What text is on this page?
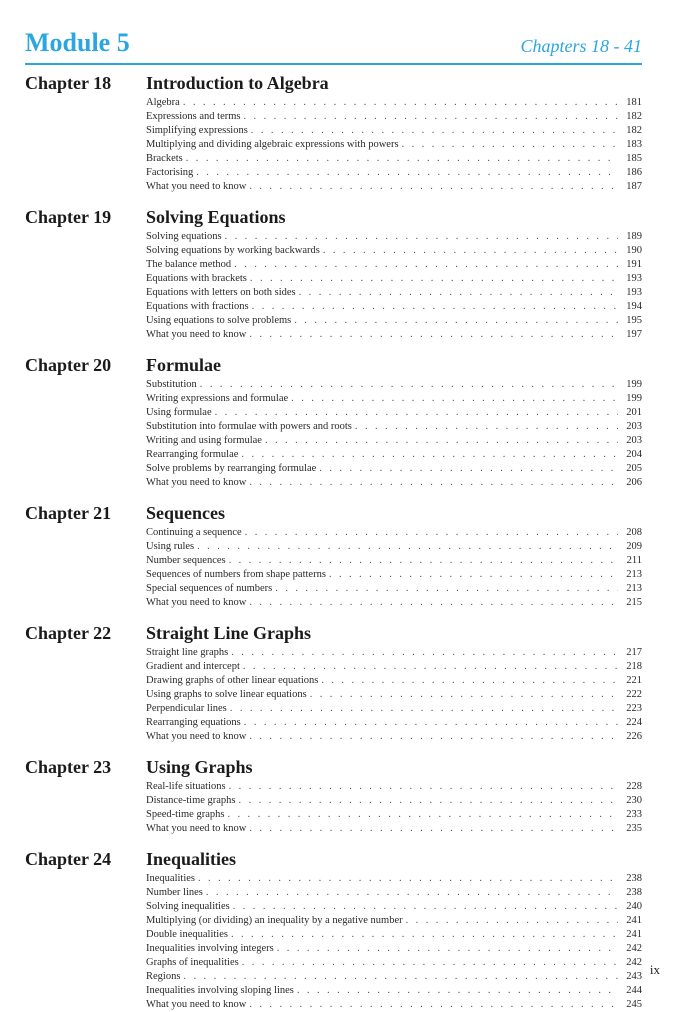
Module 5	Chapters 18 - 41
Chapter 18 Introduction to Algebra
Algebra . . .	181
Expressions and terms . . .	182
Simplifying expressions . . .	182
Multiplying and dividing algebraic expressions with powers . . .	183
Brackets . . .	185
Factorising . . .	186
What you need to know . . .	187
Chapter 19 Solving Equations
Solving equations . . .	189
Solving equations by working backwards . . .	190
The balance method . . .	191
Equations with brackets . . .	193
Equations with letters on both sides . . .	193
Equations with fractions . . .	194
Using equations to solve problems . . .	195
What you need to know . . .	197
Chapter 20 Formulae
Substitution . . .	199
Writing expressions and formulae . . .	199
Using formulae . . .	201
Substitution into formulae with powers and roots . . .	203
Writing and using formulae . . .	203
Rearranging formulae . . .	204
Solve problems by rearranging formulae . . .	205
What you need to know . . .	206
Chapter 21 Sequences
Continuing a sequence . . .	208
Using rules . . .	209
Number sequences . . .	211
Sequences of numbers from shape patterns . . .	213
Special sequences of numbers . . .	213
What you need to know . . .	215
Chapter 22 Straight Line Graphs
Straight line graphs . . .	217
Gradient and intercept . . .	218
Drawing graphs of other linear equations . . .	221
Using graphs to solve linear equations . . .	222
Perpendicular lines . . .	223
Rearranging equations . . .	224
What you need to know . . .	226
Chapter 23 Using Graphs
Real-life situations . . .	228
Distance-time graphs . . .	230
Speed-time graphs . . .	233
What you need to know . . .	235
Chapter 24 Inequalities
Inequalities . . .	238
Number lines . . .	238
Solving inequalities . . .	240
Multiplying (or dividing) an inequality by a negative number . . .	241
Double inequalities . . .	241
Inequalities involving integers . . .	242
Graphs of inequalities . . .	242
Regions . . .	243
Inequalities involving sloping lines . . .	244
What you need to know . . .	245
ix
